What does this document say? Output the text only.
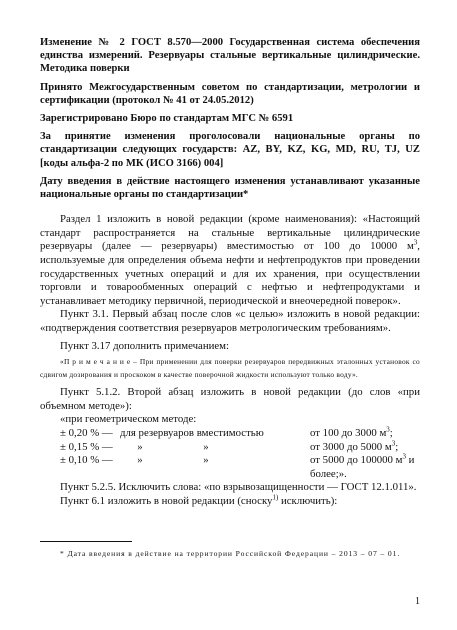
Изменение № 2 ГОСТ 8.570—2000 Государственная система обеспечения единства измерений. Резервуары стальные вертикальные цилиндрические. Методика поверки

Принято Межгосударственным советом по стандартизации, метрологии и сертификации (протокол № 41 от 24.05.2012)

Зарегистрировано Бюро по стандартам МГС № 6591

За принятие изменения проголосовали национальные органы по стандартизации следующих государств: AZ, BY, KZ, KG, MD, RU, TJ, UZ [коды альфа-2 по МК (ИСО 3166) 004]

Дату введения в действие настоящего изменения устанавливают указанные национальные органы по стандартизации*

Раздел 1 изложить в новой редакции (кроме наименования): «Настоящий стандарт распространяется на стальные вертикальные цилиндрические резервуары (далее — резервуары) вместимостью от 100 до 10000 $м^3$, используемые для определения объема нефти и нефтепродуктов при проведении государственных учетных операций и для их хранения, при осуществлении торговли и товарообменных операций с нефтью и нефтепродуктами и устанавливает методику первичной, периодической и внеочередной поверок».

Пункт 3.1. Первый абзац после слов «с целью» изложить в новой редакции: «подтверждения соответствия резервуаров метрологическим требованиям».

Пункт 3.17 дополнить примечанием:

«П р и м е ч а н и е – При применении для поверки резервуаров передвижных эталонных установок со сдвигом дозирования и проскоком в качестве поверочной жидкости используют только воду».

Пункт 5.1.2. Второй абзац изложить в новой редакции (до слов «при объемном методе»):

«при геометрическом методе:

± 0,20 % — для резервуаров вместимостью	от 100 до 3000 $м^3$;
± 0,15 % —	»	»	от 3000 до 5000 $м^3$;
± 0,10 % —	»	»	от 5000 до 100000 $м^3$ и более;».

Пункт 5.2.5. Исключить слова: «по взрывозащищенности — ГОСТ 12.1.011».

Пункт 6.1 изложить в новой редакции (сноску$^{1)}$ исключить):

* Дата введения в действие на территории Российской Федерации – 2013 – 07 – 01.

1
